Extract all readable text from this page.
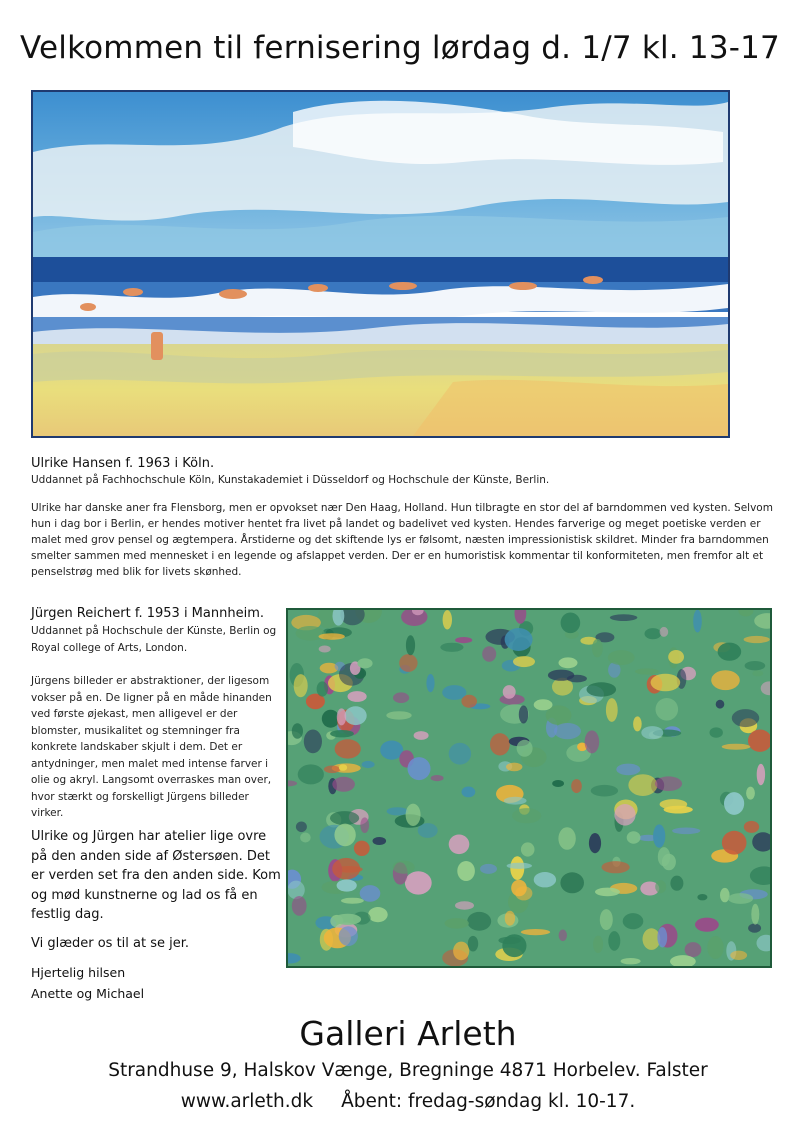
Velkommen til fernisering lørdag d. 1/7 kl. 13-17

Ulrike Hansen f. 1963 i Köln.

Uddannet på Fachhochschule Köln, Kunstakademiet i Düsseldorf og Hochschule der Künste, Berlin.

Ulrike har danske aner fra Flensborg, men er opvokset nær Den Haag, Holland. Hun tilbragte en stor del af barndommen ved kysten. Selvom hun i dag bor i Berlin, er hendes motiver hentet fra livet på landet og badelivet ved kysten. Hendes farverige og meget poetiske verden er malet med grov pensel og ægtempera. Årstiderne og det skiftende lys er følsomt, næsten impressionistisk skildret. Minder fra barndommen smelter sammen med mennesket i en legende og afslappet verden. Der er en humoristisk kommentar til konformiteten, men fremfor alt et penselstrøg med blik for livets skønhed.

Jürgen Reichert f. 1953 i Mannheim.

Uddannet på Hochschule der Künste, Berlin og Royal college of Arts, London.

Jürgens billeder er abstraktioner, der ligesom vokser på en. De ligner på en måde hinanden ved første øjekast, men alligevel er der blomster, musikalitet og stemninger fra konkrete landskaber skjult i dem. Det er antydninger, men malet med intense farver i olie og akryl. Langsomt overraskes man over, hvor stærkt og forskelligt Jürgens billeder virker.

Ulrike og Jürgen har atelier lige ovre på den anden side af Østersøen. Det er verden set fra den anden side. Kom og mød kunstnerne og lad os få en festlig dag.

Vi glæder os til at se jer.

Hjertelig hilsen
Anette og Michael

Galleri Arleth
Strandhuse 9, Halskov Vænge, Bregninge 4871 Horbelev. Falster
www.arleth.dk Åbent: fredag-søndag kl. 10-17.
